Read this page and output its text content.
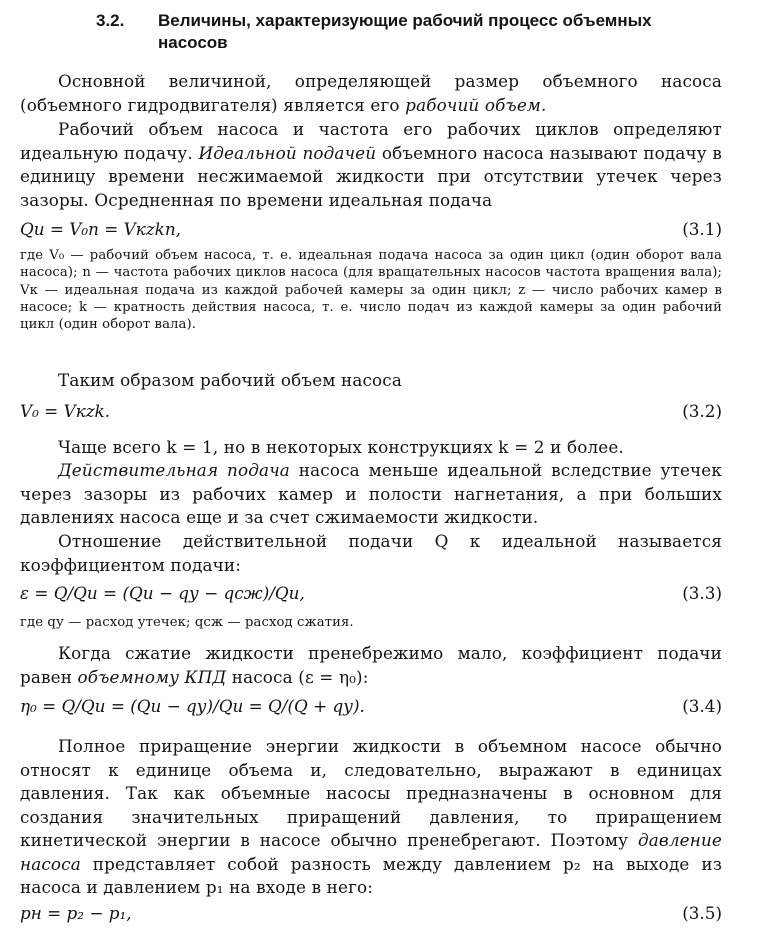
3.2. Величины, характеризующие рабочий процесс объемных насосов

Основной величиной, определяющей размер объемного насоса (объемного гидродвигателя) является его рабочий объем.

Рабочий объем насоса и частота его рабочих циклов определяют идеальную подачу. Идеальной подачей объемного насоса называют подачу в единицу времени несжимаемой жидкости при отсутствии утечек через зазоры. Осредненная по времени идеальная подача

Qи = V₀n = Vкzkn,	(3.1)

где V₀ — рабочий объем насоса, т. е. идеальная подача насоса за один цикл (один оборот вала насоса); n — частота рабочих циклов насоса (для вращательных насосов частота вращения вала); Vк — идеальная подача из каждой рабочей камеры за один цикл; z — число рабочих камер в насосе; k — кратность действия насоса, т. е. число подач из каждой камеры за один рабочий цикл (один оборот вала).

Таким образом рабочий объем насоса

V₀ = Vкzk.	(3.2)

Чаще всего k = 1, но в некоторых конструкциях k = 2 и более.

Действительная подача насоса меньше идеальной вследствие утечек через зазоры из рабочих камер и полости нагнетания, а при больших давлениях насоса еще и за счет сжимаемости жидкости.

Отношение действительной подачи Q к идеальной называется коэффициентом подачи:

ε = Q/Qи = (Qи − qу − qсж)/Qи,	(3.3)

где qу — расход утечек; qсж — расход сжатия.

Когда сжатие жидкости пренебрежимо мало, коэффициент подачи равен объемному КПД насоса (ε = η₀):

η₀ = Q/Qи = (Qи − qу)/Qи = Q/(Q + qу).	(3.4)

Полное приращение энергии жидкости в объемном насосе обычно относят к единице объема и, следовательно, выражают в единицах давления. Так как объемные насосы предназначены в основном для создания значительных приращений давления, то приращением кинетической энергии в насосе обычно пренебрегают. Поэтому давление насоса представляет собой разность между давлением p₂ на выходе из насоса и давлением p₁ на входе в него:

pн = p₂ − p₁,	(3.5)
